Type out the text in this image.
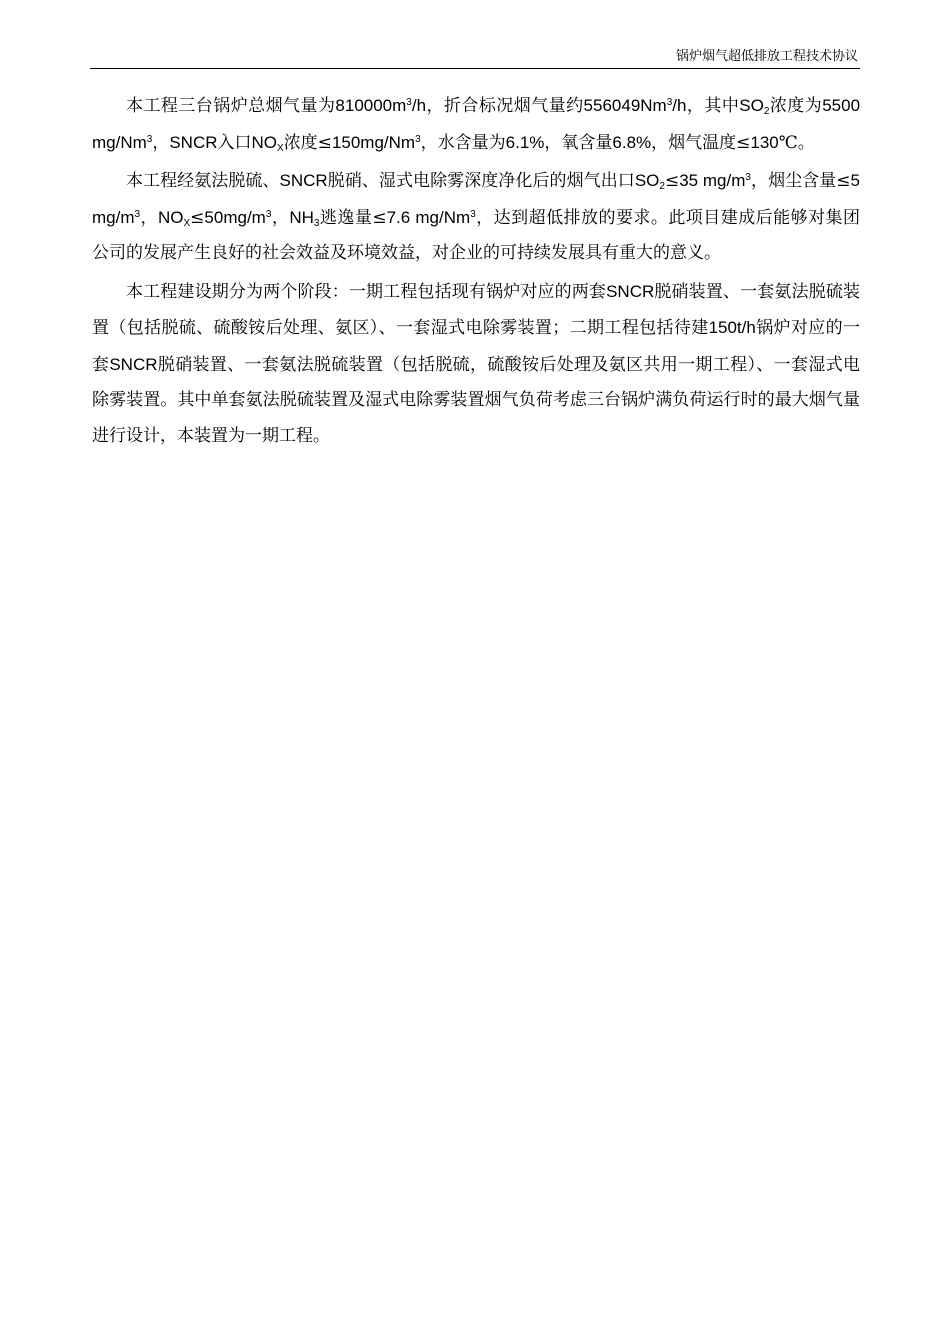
锅炉烟气超低排放工程技术协议

本工程三台锅炉总烟气量为$810000m^3/h$，折合标况烟气量约556049Nm$^3$/h，其中$SO_2$浓度为5500mg/Nm$^3$，SNCR入口$NO_X$浓度$\le 150mg/Nm^3$，水含量为6.1%，氧含量6.8%，烟气温度≤130℃。

本工程经氨法脱硫、SNCR脱硝、湿式电除雾深度净化后的烟气出口$SO_2\le 35$ $mg/m^3$，烟尘含量≤5 $mg/m^3$，$NO_X\le 50mg/m^3$，$NH_3$逃逸量≤7.6 mg/Nm$^3$，达到超低排放的要求。此项目建成后能够对集团公司的发展产生良好的社会效益及环境效益，对企业的可持续发展具有重大的意义。

本工程建设期分为两个阶段：一期工程包括现有锅炉对应的两套SNCR脱硝装置、一套氨法脱硫装置（包括脱硫、硫酸铵后处理、氨区）、一套湿式电除雾装置；二期工程包括待建150t/h锅炉对应的一套SNCR脱硝装置、一套氨法脱硫装置（包括脱硫，硫酸铵后处理及氨区共用一期工程）、一套湿式电除雾装置。其中单套氨法脱硫装置及湿式电除雾装置烟气负荷考虑三台锅炉满负荷运行时的最大烟气量进行设计，本装置为一期工程。
